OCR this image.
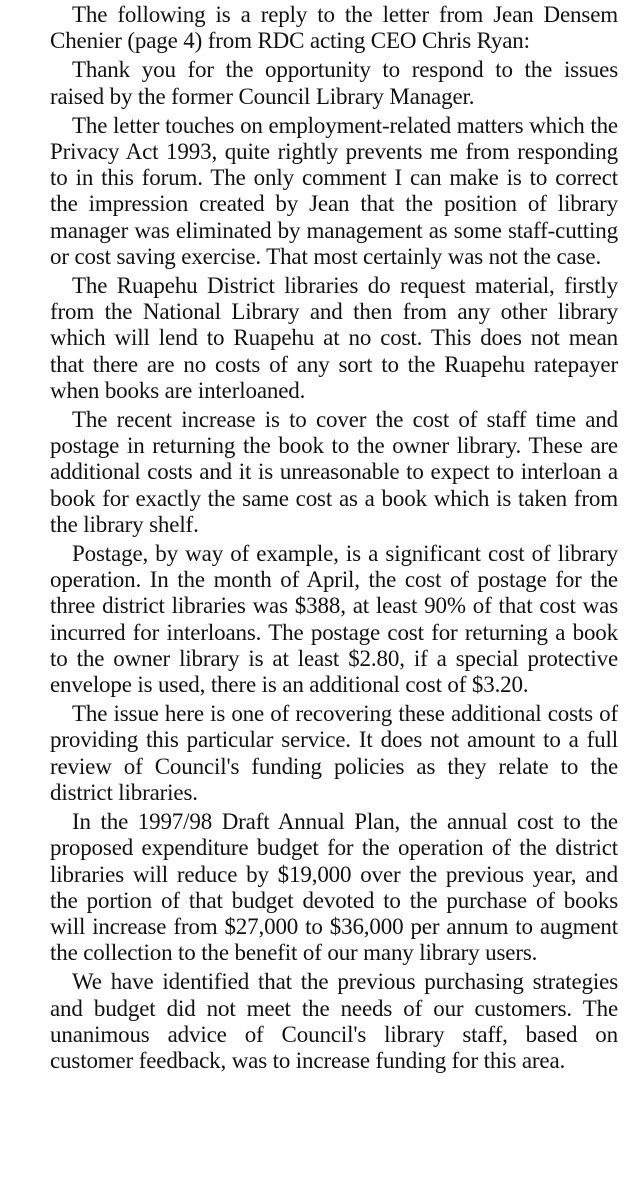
The following is a reply to the letter from Jean Densem Chenier (page 4) from RDC acting CEO Chris Ryan:

Thank you for the opportunity to respond to the issues raised by the former Council Library Manager.

The letter touches on employment-related matters which the Privacy Act 1993, quite rightly prevents me from responding to in this forum. The only comment I can make is to correct the impression created by Jean that the position of library manager was eliminated by management as some staff-cutting or cost saving exercise. That most certainly was not the case.

The Ruapehu District libraries do request material, firstly from the National Library and then from any other library which will lend to Ruapehu at no cost. This does not mean that there are no costs of any sort to the Ruapehu ratepayer when books are interloaned.

The recent increase is to cover the cost of staff time and postage in returning the book to the owner library. These are additional costs and it is unreasonable to expect to interloan a book for exactly the same cost as a book which is taken from the library shelf.

Postage, by way of example, is a significant cost of library operation. In the month of April, the cost of postage for the three district libraries was $388, at least 90% of that cost was incurred for interloans. The postage cost for returning a book to the owner library is at least $2.80, if a special protective envelope is used, there is an additional cost of $3.20.

The issue here is one of recovering these additional costs of providing this particular service. It does not amount to a full review of Council's funding policies as they relate to the district libraries.

In the 1997/98 Draft Annual Plan, the annual cost to the proposed expenditure budget for the operation of the district libraries will reduce by $19,000 over the previous year, and the portion of that budget devoted to the purchase of books will increase from $27,000 to $36,000 per annum to augment the collection to the benefit of our many library users.

We have identified that the previous purchasing strategies and budget did not meet the needs of our customers. The unanimous advice of Council's library staff, based on customer feedback, was to increase funding for this area.
